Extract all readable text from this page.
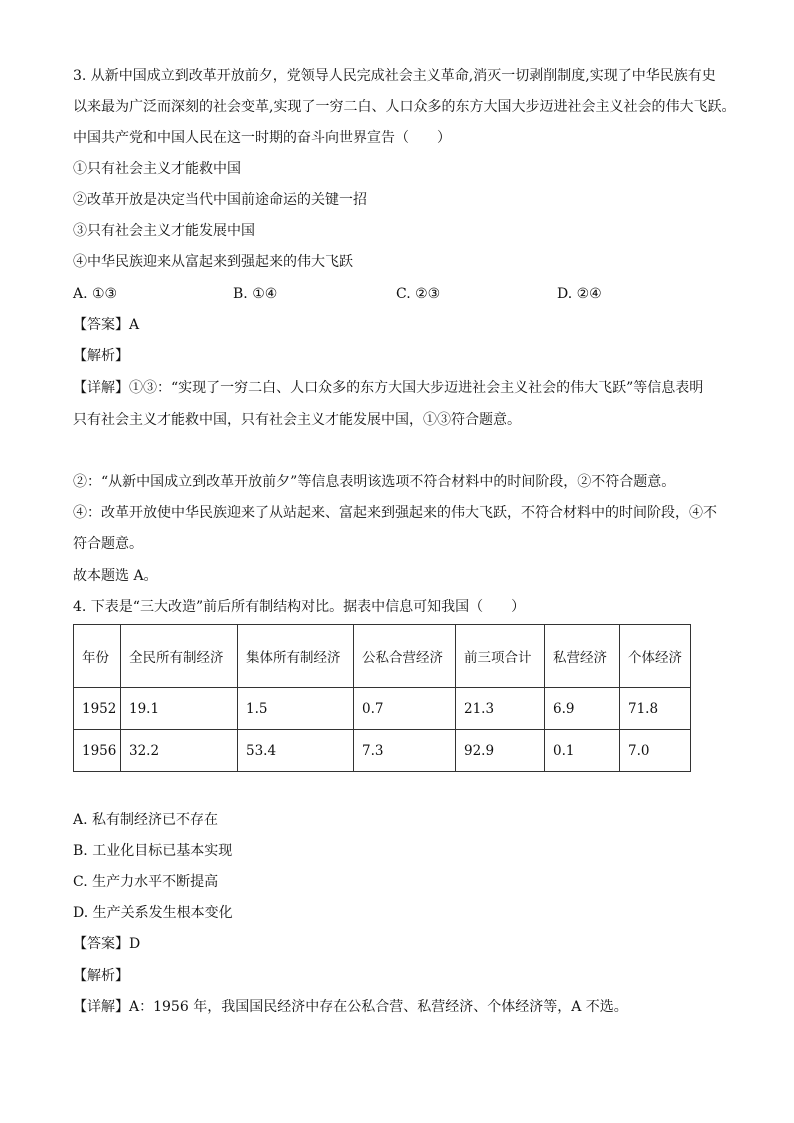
3. 从新中国成立到改革开放前夕，党领导人民完成社会主义革命,消灭一切剥削制度,实现了中华民族有史
以来最为广泛而深刻的社会变革,实现了一穷二白、人口众多的东方大国大步迈进社会主义社会的伟大飞跃。
中国共产党和中国人民在这一时期的奋斗向世界宣告（　　）
①只有社会主义才能救中国
②改革开放是决定当代中国前途命运的关键一招
③只有社会主义才能发展中国
④中华民族迎来从富起来到强起来的伟大飞跃
A. ①③	B. ①④	C. ②③	D. ②④
【答案】A
【解析】
【详解】①③：“实现了一穷二白、人口众多的东方大国大步迈进社会主义社会的伟大飞跃”等信息表明
只有社会主义才能救中国，只有社会主义才能发展中国，①③符合题意。
②：“从新中国成立到改革开放前夕”等信息表明该选项不符合材料中的时间阶段，②不符合题意。
④：改革开放使中华民族迎来了从站起来、富起来到强起来的伟大飞跃，不符合材料中的时间阶段，④不
符合题意。
故本题选 A。
4. 下表是“三大改造”前后所有制结构对比。据表中信息可知我国（　　）
年份	全民所有制经济	集体所有制经济	公私合营经济	前三项合计	私营经济	个体经济
1952	19.1	1.5	0.7	21.3	6.9	71.8
1956	32.2	53.4	7.3	92.9	0.1	7.0
A. 私有制经济已不存在
B. 工业化目标已基本实现
C. 生产力水平不断提高
D. 生产关系发生根本变化
【答案】D
【解析】
【详解】A：1956 年，我国国民经济中存在公私合营、私营经济、个体经济等，A 不选。
